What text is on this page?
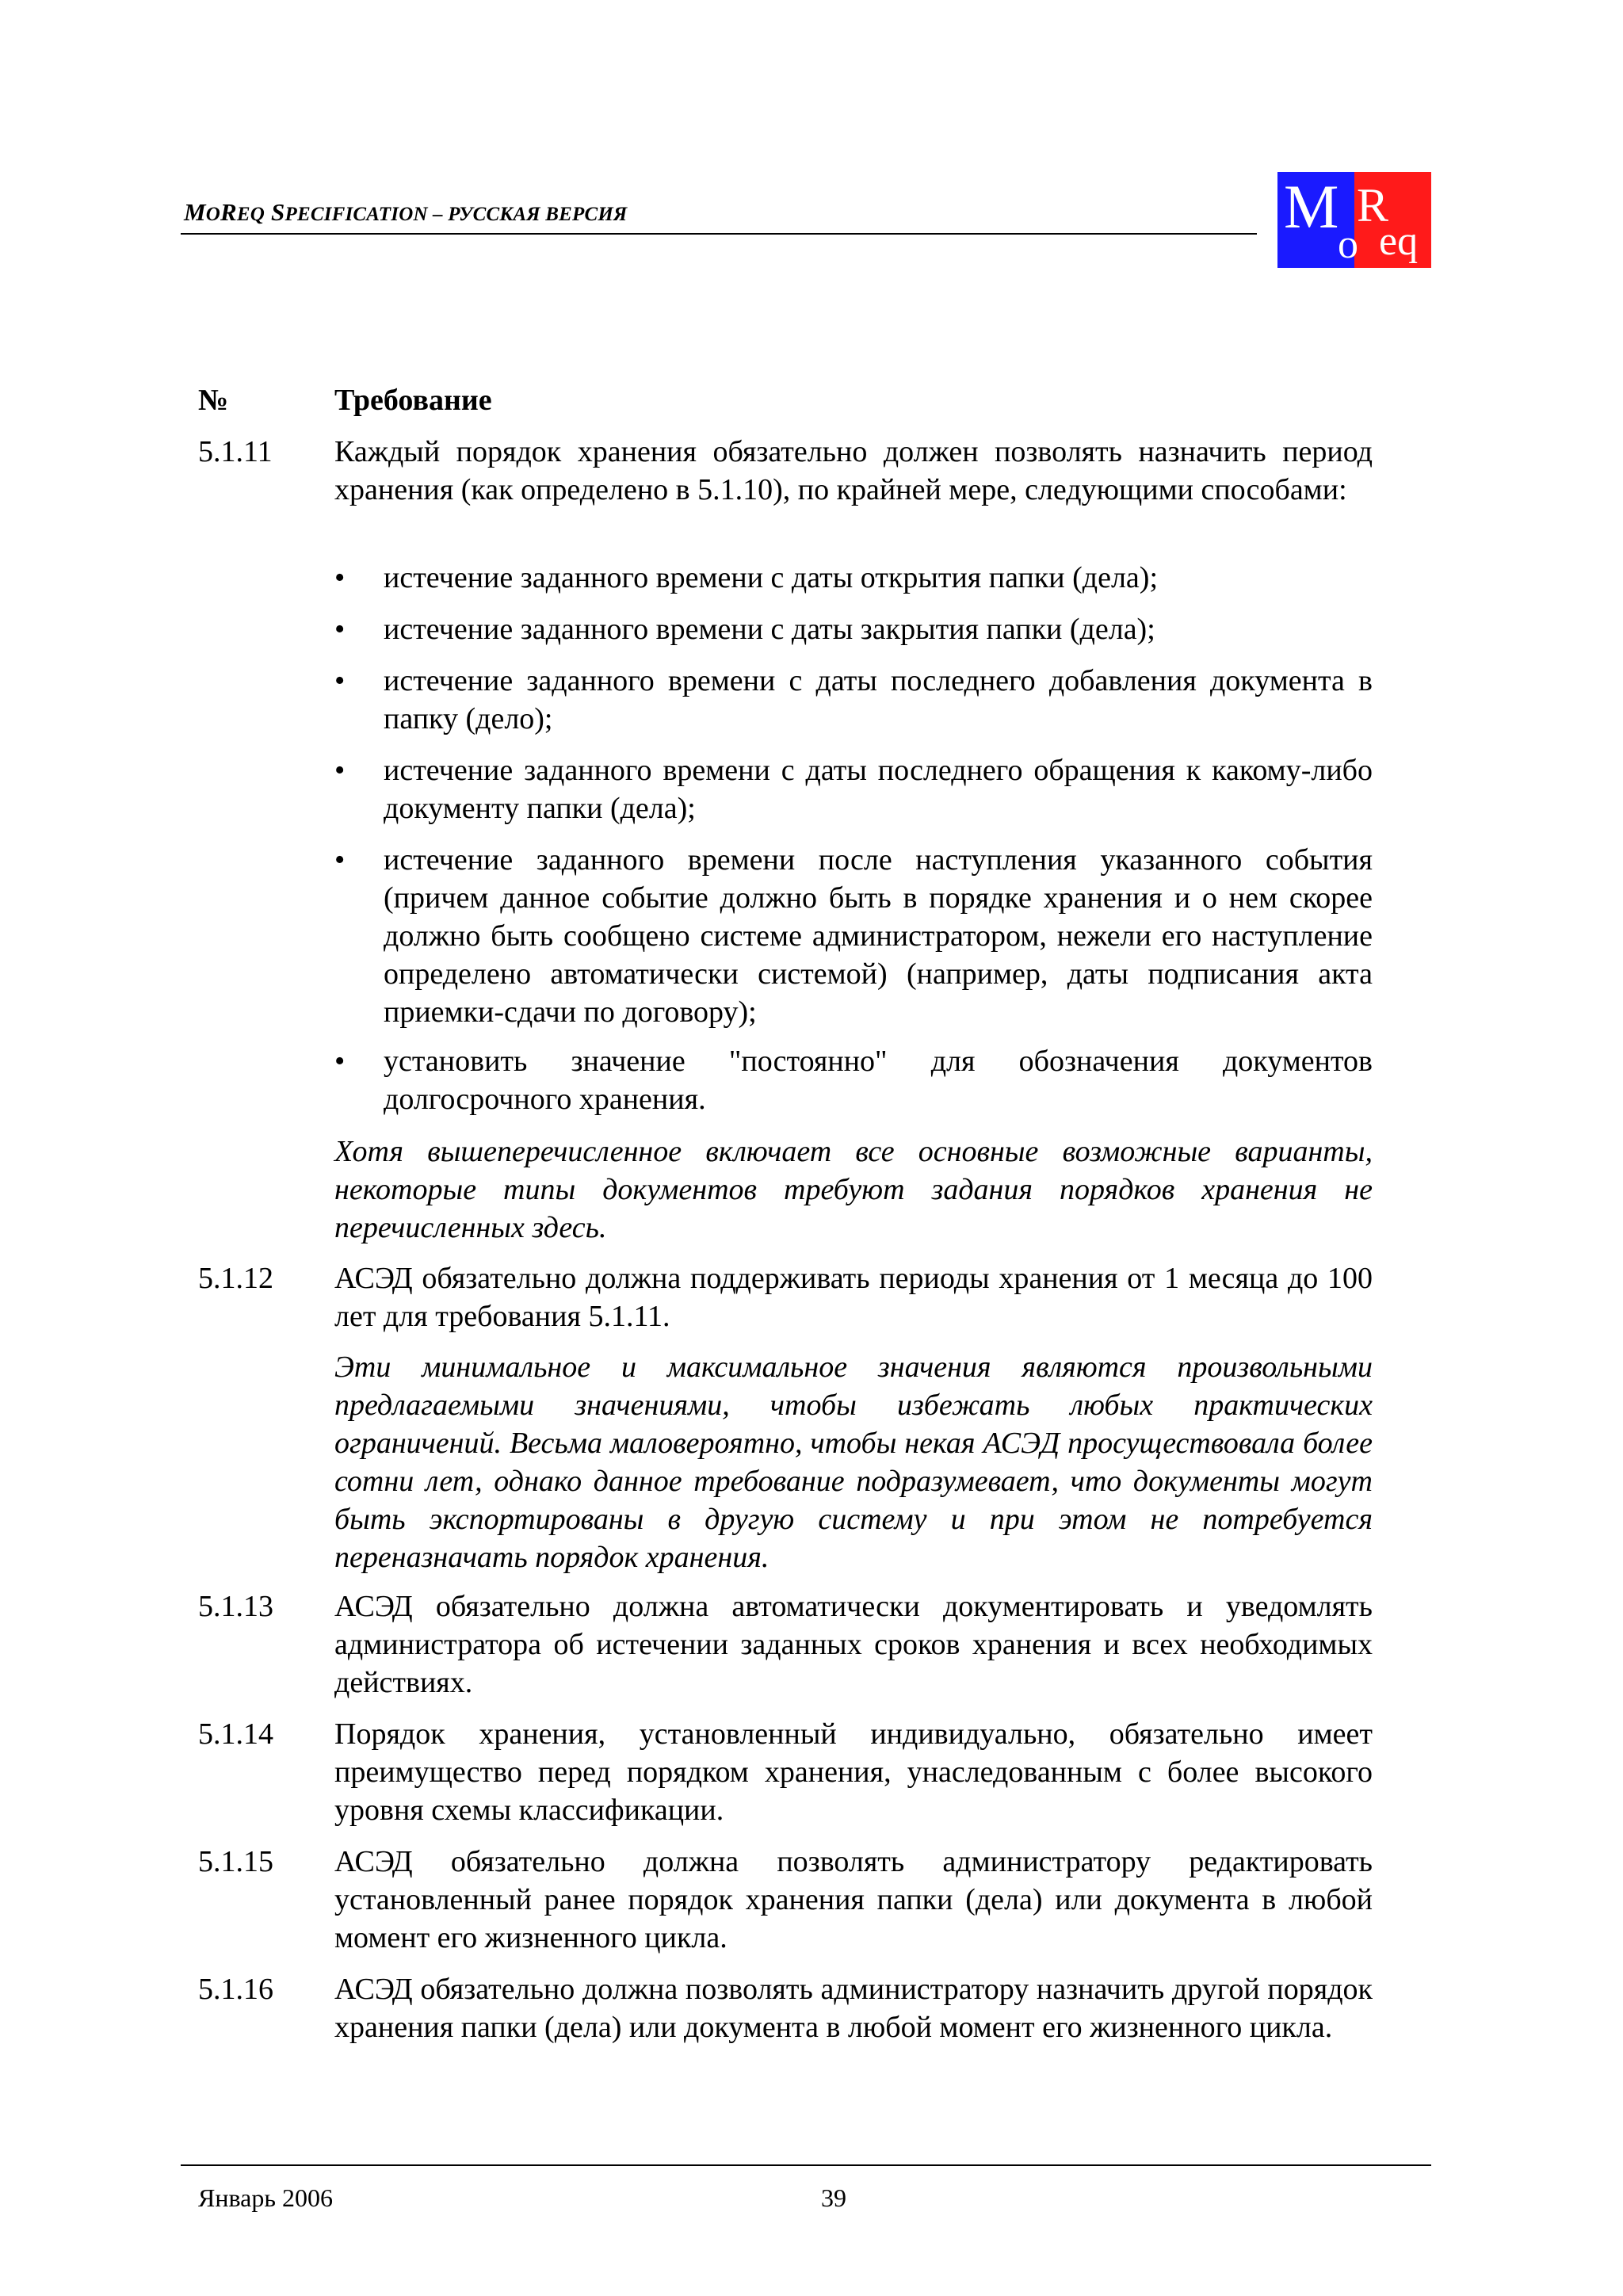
MOREQ SPECIFICATION – РУССКАЯ ВЕРСИЯ	M
o
R
eq
№	Требование
5.1.11 Каждый порядок хранения обязательно должен позволять назначить период хранения (как определено в 5.1.10), по крайней мере, следующими способами:
•	истечение заданного времени с даты открытия папки (дела);
•	истечение заданного времени с даты закрытия папки (дела);
•	истечение заданного времени с даты последнего добавления документа в папку (дело);
•	истечение заданного времени с даты последнего обращения к какому-либо документу папки (дела);
•	истечение заданного времени после наступления указанного события (причем данное событие должно быть в порядке хранения и о нем скорее должно быть сообщено системе администратором, нежели его наступление определено автоматически системой) (например, даты подписания акта приемки-сдачи по договору);
•	установить значение "постоянно" для обозначения документов долгосрочного хранения.
Хотя вышеперечисленное включает все основные возможные варианты, некоторые типы документов требуют задания порядков хранения не перечисленных здесь.
5.1.12 АСЭД обязательно должна поддерживать периоды хранения от 1 месяца до 100 лет для требования 5.1.11.
Эти минимальное и максимальное значения являются произвольными предлагаемыми значениями, чтобы избежать любых практических ограничений. Весьма маловероятно, чтобы некая АСЭД просуществовала более сотни лет, однако данное требование подразумевает, что документы могут быть экспортированы в другую систему и при этом не потребуется переназначать порядок хранения.
5.1.13 АСЭД обязательно должна автоматически документировать и уведомлять администратора об истечении заданных сроков хранения и всех необходимых действиях.
5.1.14 Порядок хранения, установленный индивидуально, обязательно имеет преимущество перед порядком хранения, унаследованным с более высокого уровня схемы классификации.
5.1.15 АСЭД обязательно должна позволять администратору редактировать установленный ранее порядок хранения папки (дела) или документа в любой момент его жизненного цикла.
5.1.16 АСЭД обязательно должна позволять администратору назначить другой порядок хранения папки (дела) или документа в любой момент его жизненного цикла.
Январь 2006	39
